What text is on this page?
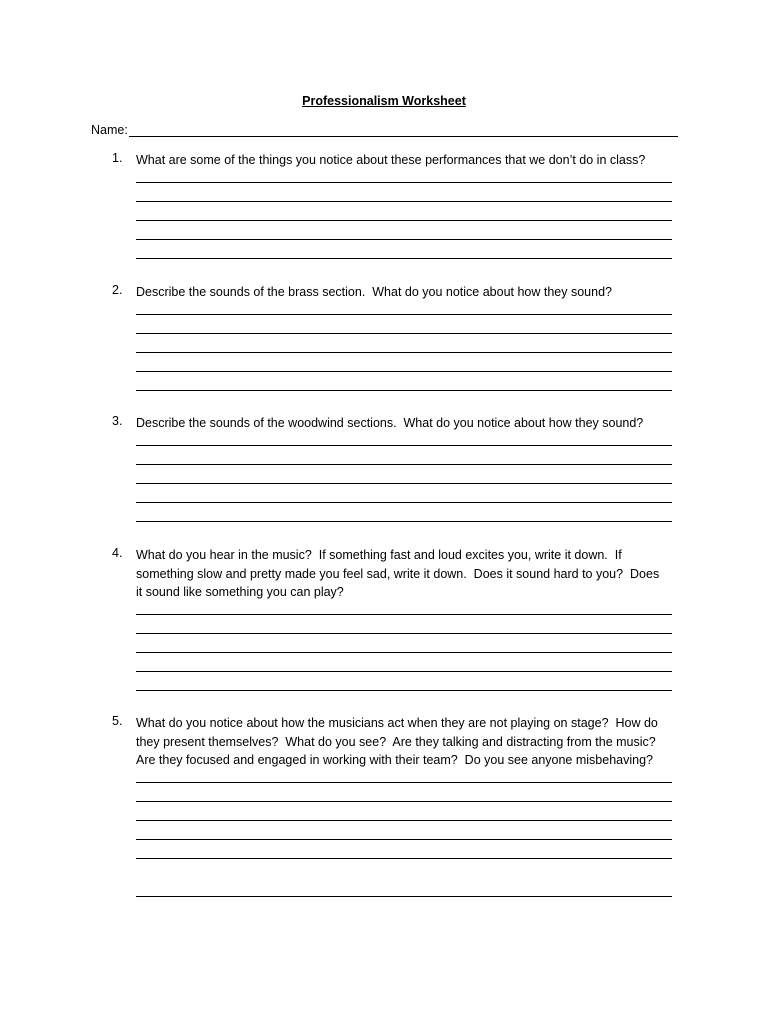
Professionalism Worksheet
Name:
1. What are some of the things you notice about these performances that we don’t do in class?
2. Describe the sounds of the brass section.  What do you notice about how they sound?
3. Describe the sounds of the woodwind sections.  What do you notice about how they sound?
4. What do you hear in the music?  If something fast and loud excites you, write it down.  If
something slow and pretty made you feel sad, write it down.  Does it sound hard to you?  Does
it sound like something you can play?
5. What do you notice about how the musicians act when they are not playing on stage?  How do
they present themselves?  What do you see?  Are they talking and distracting from the music?
Are they focused and engaged in working with their team?  Do you see anyone misbehaving?
